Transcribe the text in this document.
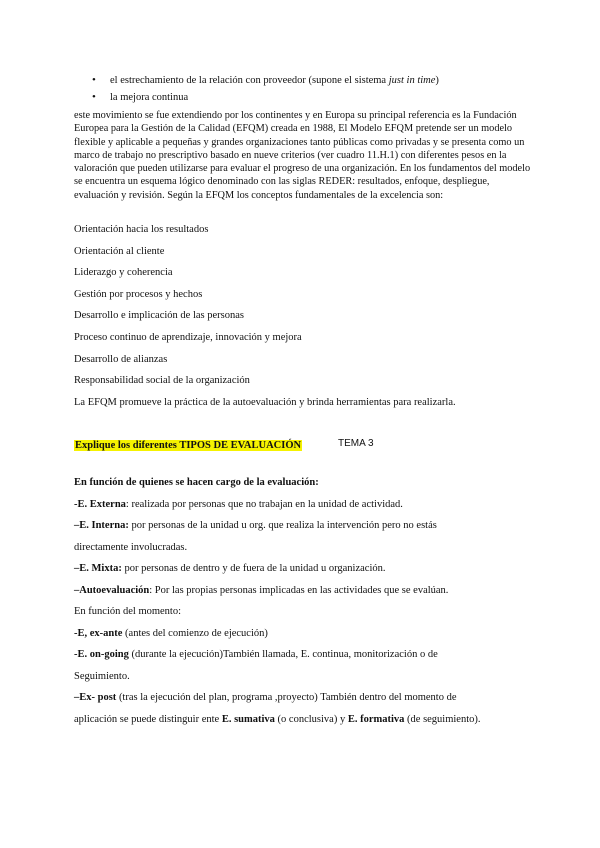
• el estrechamiento de la relación con proveedor (supone el sistema just in time)
• la mejora continua

este movimiento se fue extendiendo por los continentes y en Europa su principal referencia es la Fundación Europea para la Gestión de la Calidad (EFQM) creada en 1988, El Modelo EFQM pretende ser un modelo flexible y aplicable a pequeñas y grandes organizaciones tanto públicas como privadas y se presenta como un marco de trabajo no prescriptivo basado en nueve criterios (ver cuadro 11.H.1) con diferentes pesos en la valoración que pueden utilizarse para evaluar el progreso de una organización. En los fundamentos del modelo se encuentra un esquema lógico denominado con las siglas REDER: resultados, enfoque, despliegue, evaluación y revisión. Según la EFQM los conceptos fundamentales de la excelencia son:

Orientación hacia los resultados
Orientación al cliente
Liderazgo y coherencia
Gestión por procesos y hechos
Desarrollo e implicación de las personas
Proceso continuo de aprendizaje, innovación y mejora
Desarrollo de alianzas
Responsabilidad social de la organización

La EFQM promueve la práctica de la autoevaluación y brinda herramientas para realizarla.

Explique los diferentes TIPOS DE EVALUACIÓN	TEMA 3
En función de quienes se hacen cargo de la evaluación:
-E. Externa: realizada por personas que no trabajan en la unidad de actividad.
–E. Interna: por personas de la unidad u org. que realiza la intervención pero no estás
directamente involucradas.
–E. Mixta: por personas de dentro y de fuera de la unidad u organización.
–Autoevaluación: Por las propias personas implicadas en las actividades que se evalúan.
En función del momento:
-E, ex-ante (antes del comienzo de ejecución)
-E. on-going (durante la ejecución)También llamada, E. continua, monitorización o de
Seguimiento.
–Ex- post (tras la ejecución del plan, programa ,proyecto) También dentro del momento de
aplicación se puede distinguir ente E. sumativa (o conclusiva) y E. formativa (de seguimiento).
